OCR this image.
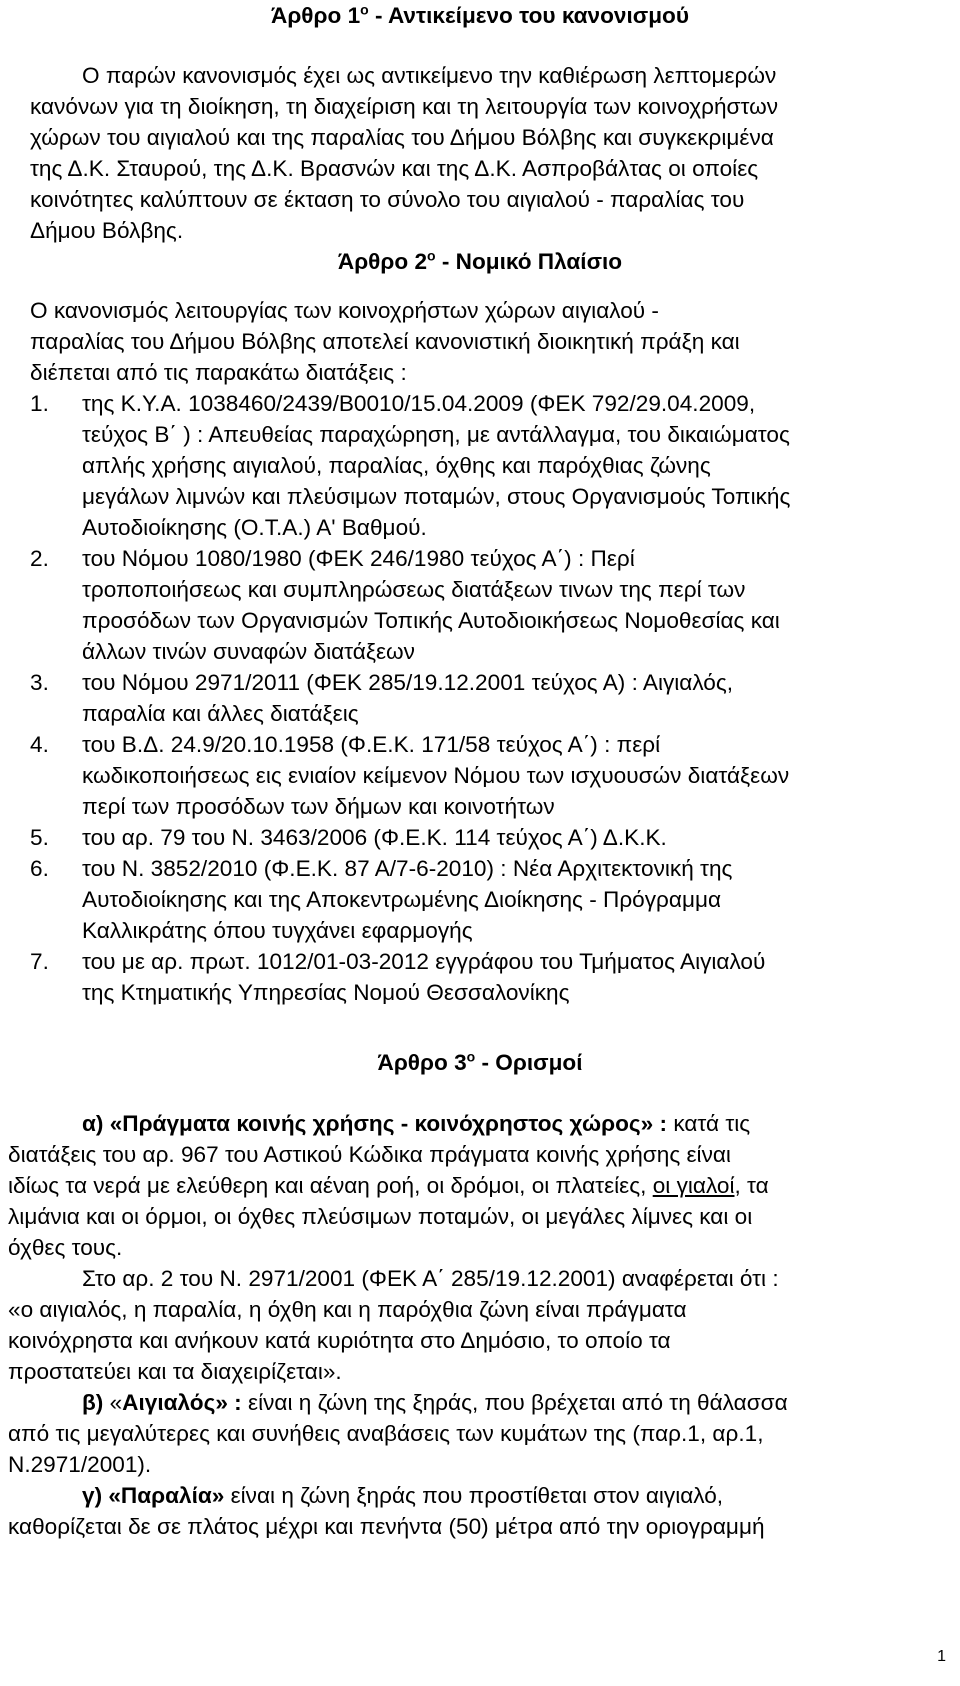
Άρθρο $1^o$ - Αντικείμενο του κανονισμού
Ο παρών κανονισμός έχει ως αντικείμενο την καθιέρωση λεπτομερών
κανόνων για τη διοίκηση, τη διαχείριση και τη λειτουργία των κοινοχρήστων
χώρων του αιγιαλού και της παραλίας του Δήμου Βόλβης και συγκεκριμένα
της Δ.Κ. Σταυρού, της Δ.Κ. Βρασνών και της Δ.Κ. Ασπροβάλτας οι οποίες
κοινότητες καλύπτουν σε έκταση το σύνολο του αιγιαλού - παραλίας του
Δήμου Βόλβης.
Άρθρο $2^o$ - Νομικό Πλαίσιο
Ο κανονισμός λειτουργίας των κοινοχρήστων χώρων αιγιαλού -
παραλίας του Δήμου Βόλβης αποτελεί κανονιστική διοικητική πράξη και
διέπεται από τις παρακάτω διατάξεις :
1. της Κ.Υ.Α. 1038460/2439/Β0010/15.04.2009 (ΦΕΚ 792/29.04.2009,
τεύχος Β΄ ) : Απευθείας παραχώρηση, με αντάλλαγμα, του δικαιώματος
απλής χρήσης αιγιαλού, παραλίας, όχθης και παρόχθιας ζώνης
μεγάλων λιμνών και πλεύσιμων ποταμών, στους Οργανισμούς Τοπικής
Αυτοδιοίκησης (Ο.Τ.Α.) Α' Βαθμού.
2. του Νόμου 1080/1980 (ΦΕΚ 246/1980 τεύχος Α΄) : Περί
τροποποιήσεως και συμπληρώσεως διατάξεων τινων της περί των
προσόδων των Οργανισμών Τοπικής Αυτοδιοικήσεως Νομοθεσίας και
άλλων τινών συναφών διατάξεων
3. του Νόμου 2971/2011 (ΦΕΚ 285/19.12.2001 τεύχος Α) : Αιγιαλός,
παραλία και άλλες διατάξεις
4. του Β.Δ. 24.9/20.10.1958 (Φ.Ε.Κ. 171/58 τεύχος Α΄) : περί
κωδικοποιήσεως εις ενιαίον κείμενον Νόμου των ισχυουσών διατάξεων
περί των προσόδων των δήμων και κοινοτήτων
5. του αρ. 79 του Ν. 3463/2006 (Φ.Ε.Κ. 114 τεύχος Α΄) Δ.Κ.Κ.
6. του Ν. 3852/2010 (Φ.Ε.Κ. 87 Α/7-6-2010) : Νέα Αρχιτεκτονική της
Αυτοδιοίκησης και της Αποκεντρωμένης Διοίκησης - Πρόγραμμα
Καλλικράτης όπου τυγχάνει εφαρμογής
7. του με αρ. πρωτ. 1012/01-03-2012 εγγράφου του Τμήματος Αιγιαλού
της Κτηματικής Υπηρεσίας Νομού Θεσσαλονίκης
Άρθρο $3^o$ - Ορισμοί
α) «Πράγματα κοινής χρήσης - κοινόχρηστος χώρος» : κατά τις
διατάξεις του αρ. 967 του Αστικού Κώδικα πράγματα κοινής χρήσης είναι
ιδίως τα νερά με ελεύθερη και αέναη ροή, οι δρόμοι, οι πλατείες, οι γιαλοί, τα
λιμάνια και οι όρμοι, οι όχθες πλεύσιμων ποταμών, οι μεγάλες λίμνες και οι
όχθες τους.
Στο αρ. 2 του Ν. 2971/2001 (ΦΕΚ Α΄ 285/19.12.2001) αναφέρεται ότι :
«ο αιγιαλός, η παραλία, η όχθη και η παρόχθια ζώνη είναι πράγματα
κοινόχρηστα και ανήκουν κατά κυριότητα στο Δημόσιο, το οποίο τα
προστατεύει και τα διαχειρίζεται».
β) «Αιγιαλός» : είναι η ζώνη της ξηράς, που βρέχεται από τη θάλασσα
από τις μεγαλύτερες και συνήθεις αναβάσεις των κυμάτων της (παρ.1, αρ.1,
Ν.2971/2001).
γ) «Παραλία» είναι η ζώνη ξηράς που προστίθεται στον αιγιαλό,
καθορίζεται δε σε πλάτος μέχρι και πενήντα (50) μέτρα από την οριογραμμή
1
